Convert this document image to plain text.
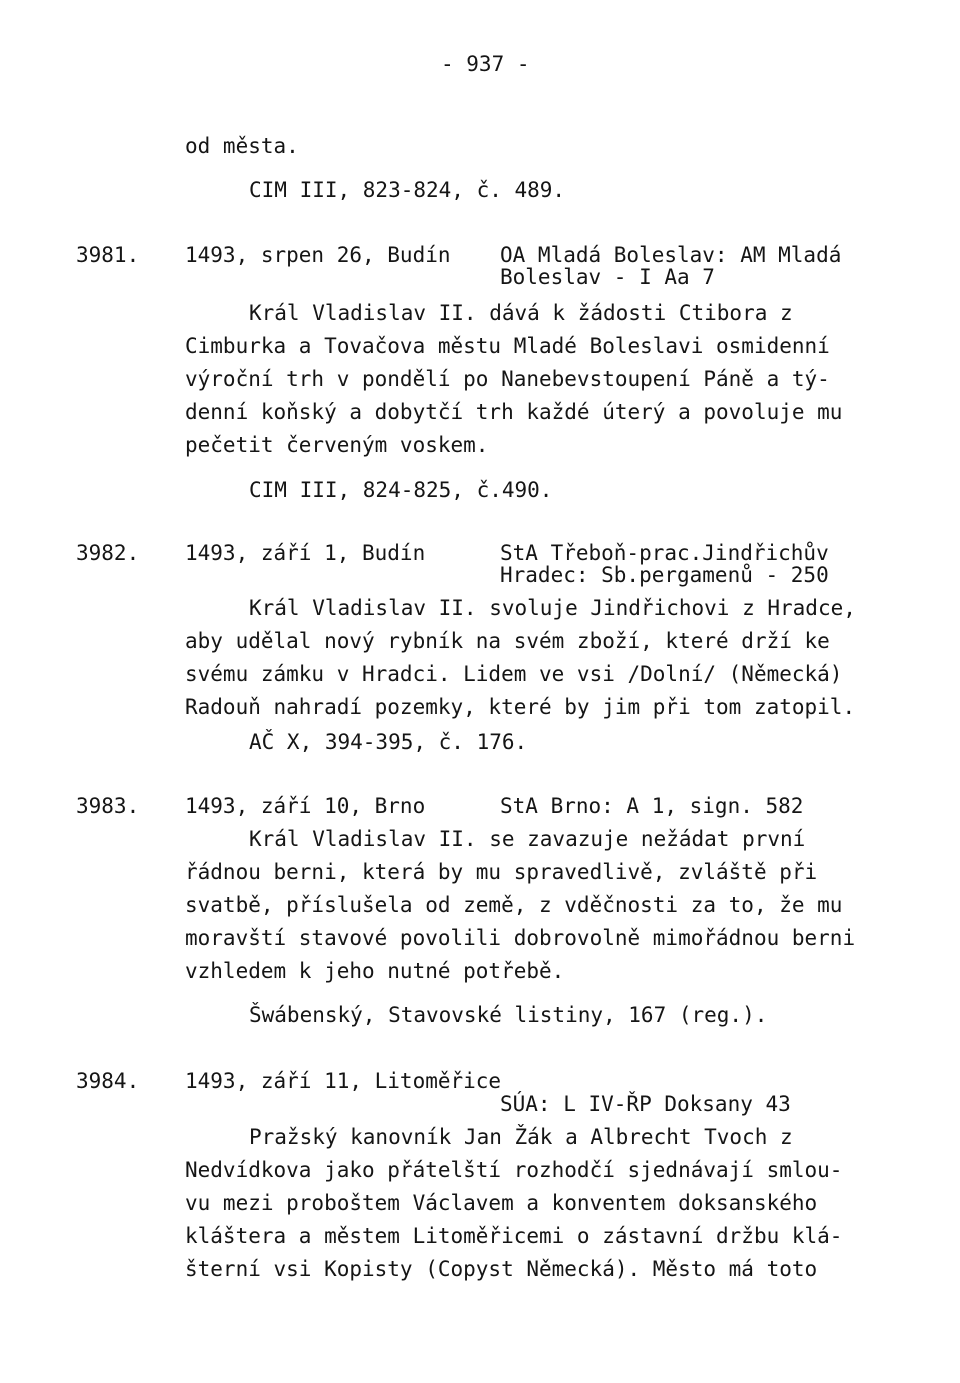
- 937 -
od města.
CIM III, 823-824, č. 489.
3981. 1493, srpen 26, Budín OA Mladá Boleslav: AM Mladá
Boleslav - I Aa 7
Král Vladislav II. dává k žádosti Ctibora z
Cimburka a Tovačova městu Mladé Boleslavi osmidenní
výroční trh v pondělí po Nanebevstoupení Páně a tý-
denní koňský a dobytčí trh každé úterý a povoluje mu
pečetit červeným voskem.
CIM III, 824-825, č.490.
3982. 1493, září 1, Budín	StA Třeboň-prac.Jindřichův
Hradec: Sb.pergamenů - 250
Král Vladislav II. svoluje Jindřichovi z Hradce,
aby udělal nový rybník na svém zboží, které drží ke
svému zámku v Hradci. Lidem ve vsi /Dolní/ (Německá)
Radouň nahradí pozemky, které by jim při tom zatopil.
AČ X, 394-395, č. 176.
3983. 1493, září 10, Brno	StA Brno: A 1, sign. 582
Král Vladislav II. se zavazuje nežádat první
řádnou berni, která by mu spravedlivě, zvláště při
svatbě, příslušela od země, z vděčnosti za to, že mu
moravští stavové povolili dobrovolně mimořádnou berni
vzhledem k jeho nutné potřebě.
Šwábenský, Stavovské listiny, 167 (reg.).
3984. 1493, září 11, Litoměřice
SÚA: L IV-ŘP Doksany 43
Pražský kanovník Jan Žák a Albrecht Tvoch z
Nedvídkova jako přátelští rozhodčí sjednávají smlou-
vu mezi proboštem Václavem a konventem doksanského
kláštera a městem Litoměřicemi o zástavní držbu klá-
šterní vsi Kopisty (Copyst Německá). Město má toto
